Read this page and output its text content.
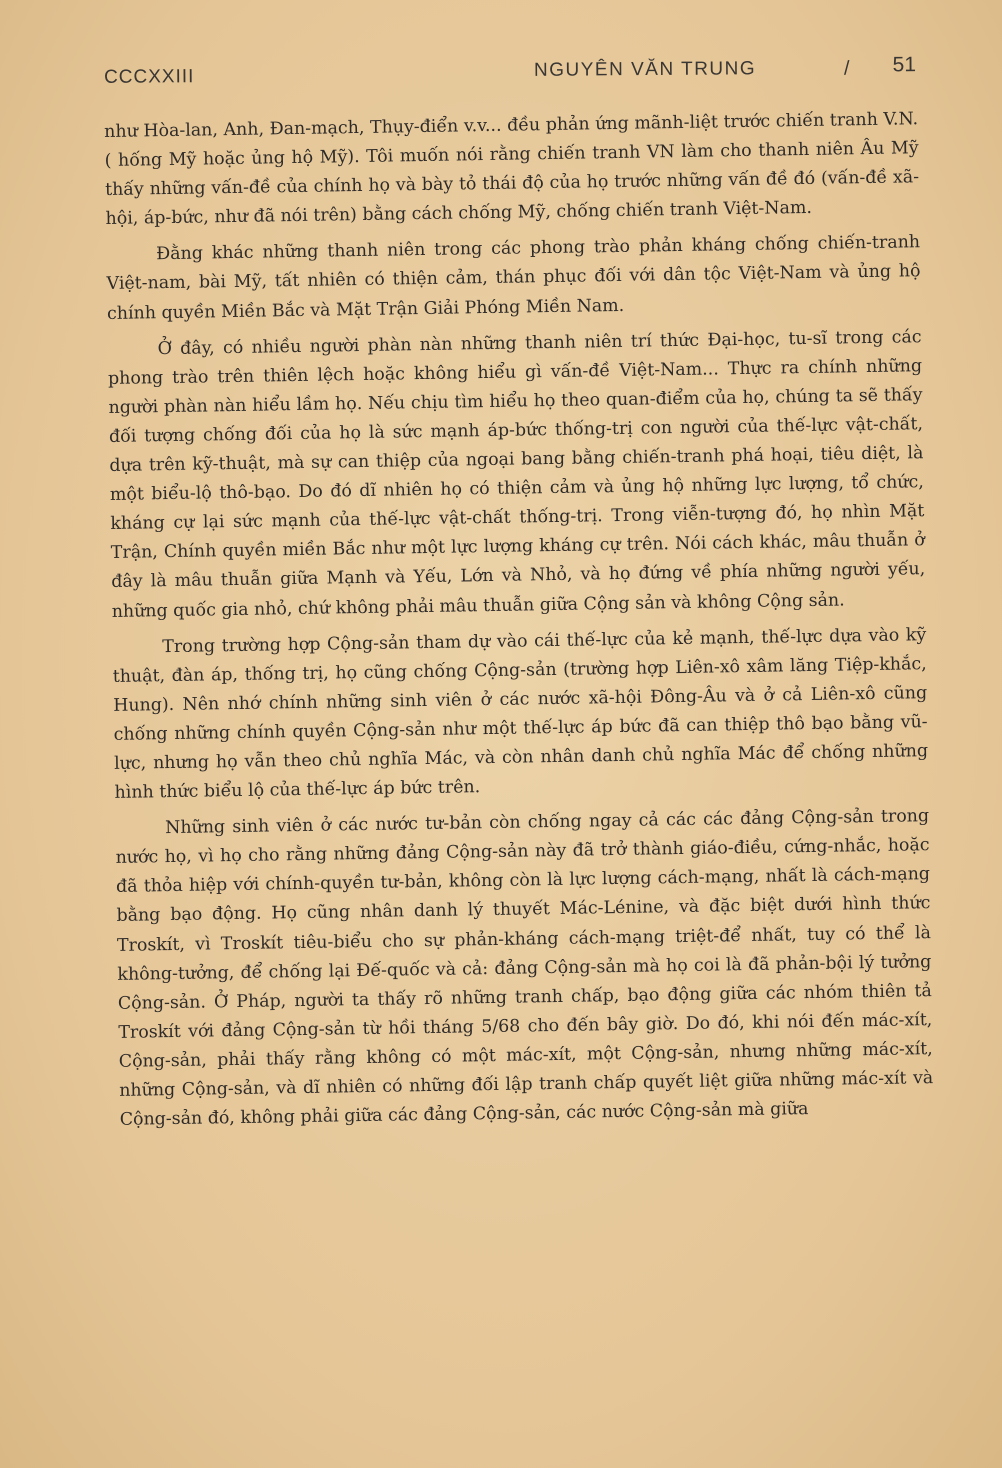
CCCXXIII	NGUYÊN VĂN TRUNG	/ 51

như Hòa-lan, Anh, Đan-mạch, Thụy-điển v.v... đều phản ứng mãnh-liệt trước chiến tranh V.N. ( hống Mỹ hoặc ủng hộ Mỹ). Tôi muốn nói rằng chiến tranh VN làm cho thanh niên Âu Mỹ thấy những vấn-đề của chính họ và bày tỏ thái độ của họ trước những vấn đề đó (vấn-đề xã-hội, áp-bức, như đã nói trên) bằng cách chống Mỹ, chống chiến tranh Việt-Nam.

Đằng khác những thanh niên trong các phong trào phản kháng chống chiến-tranh Việt-nam, bài Mỹ, tất nhiên có thiện cảm, thán phục đối với dân tộc Việt-Nam và ủng hộ chính quyền Miền Bắc và Mặt Trận Giải Phóng Miền Nam.

Ở đây, có nhiều người phàn nàn những thanh niên trí thức Đại-học, tu-sĩ trong các phong trào trên thiên lệch hoặc không hiểu gì vấn-đề Việt-Nam... Thực ra chính những người phàn nàn hiểu lầm họ. Nếu chịu tìm hiểu họ theo quan-điểm của họ, chúng ta sẽ thấy đối tượng chống đối của họ là sức mạnh áp-bức thống-trị con người của thế-lực vật-chất, dựa trên kỹ-thuật, mà sự can thiệp của ngoại bang bằng chiến-tranh phá hoại, tiêu diệt, là một biểu-lộ thô-bạo. Do đó dĩ nhiên họ có thiện cảm và ủng hộ những lực lượng, tổ chức, kháng cự lại sức mạnh của thế-lực vật-chất thống-trị. Trong viễn-tượng đó, họ nhìn Mặt Trận, Chính quyền miền Bắc như một lực lượng kháng cự trên. Nói cách khác, mâu thuẫn ở đây là mâu thuẫn giữa Mạnh và Yếu, Lớn và Nhỏ, và họ đứng về phía những người yếu, những quốc gia nhỏ, chứ không phải mâu thuẫn giữa Cộng sản và không Cộng sản.

Trong trường hợp Cộng-sản tham dự vào cái thế-lực của kẻ mạnh, thế-lực dựa vào kỹ thuật, đàn áp, thống trị, họ cũng chống Cộng-sản (trường hợp Liên-xô xâm lăng Tiệp-khắc, Hung). Nên nhớ chính những sinh viên ở các nước xã-hội Đông-Âu và ở cả Liên-xô cũng chống những chính quyền Cộng-sản như một thế-lực áp bức đã can thiệp thô bạo bằng vũ-lực, nhưng họ vẫn theo chủ nghĩa Mác, và còn nhân danh chủ nghĩa Mác để chống những hình thức biểu lộ của thế-lực áp bức trên.

Những sinh viên ở các nước tư-bản còn chống ngay cả các các đảng Cộng-sản trong nước họ, vì họ cho rằng những đảng Cộng-sản này đã trở thành giáo-điều, cứng-nhắc, hoặc đã thỏa hiệp với chính-quyền tư-bản, không còn là lực lượng cách-mạng, nhất là cách-mạng bằng bạo động. Họ cũng nhân danh lý thuyết Mác-Lénine, và đặc biệt dưới hình thức Troskít, vì Troskít tiêu-biểu cho sự phản-kháng cách-mạng triệt-để nhất, tuy có thể là không-tưởng, để chống lại Đế-quốc và cả: đảng Cộng-sản mà họ coi là đã phản-bội lý tưởng Cộng-sản. Ở Pháp, người ta thấy rõ những tranh chấp, bạo động giữa các nhóm thiên tả Troskít với đảng Cộng-sản từ hồi tháng 5/68 cho đến bây giờ. Do đó, khi nói đến mác-xít, Cộng-sản, phải thấy rằng không có một mác-xít, một Cộng-sản, nhưng những mác-xít, những Cộng-sản, và dĩ nhiên có những đối lập tranh chấp quyết liệt giữa những mác-xít và Cộng-sản đó, không phải giữa các đảng Cộng-sản, các nước Cộng-sản mà giữa
